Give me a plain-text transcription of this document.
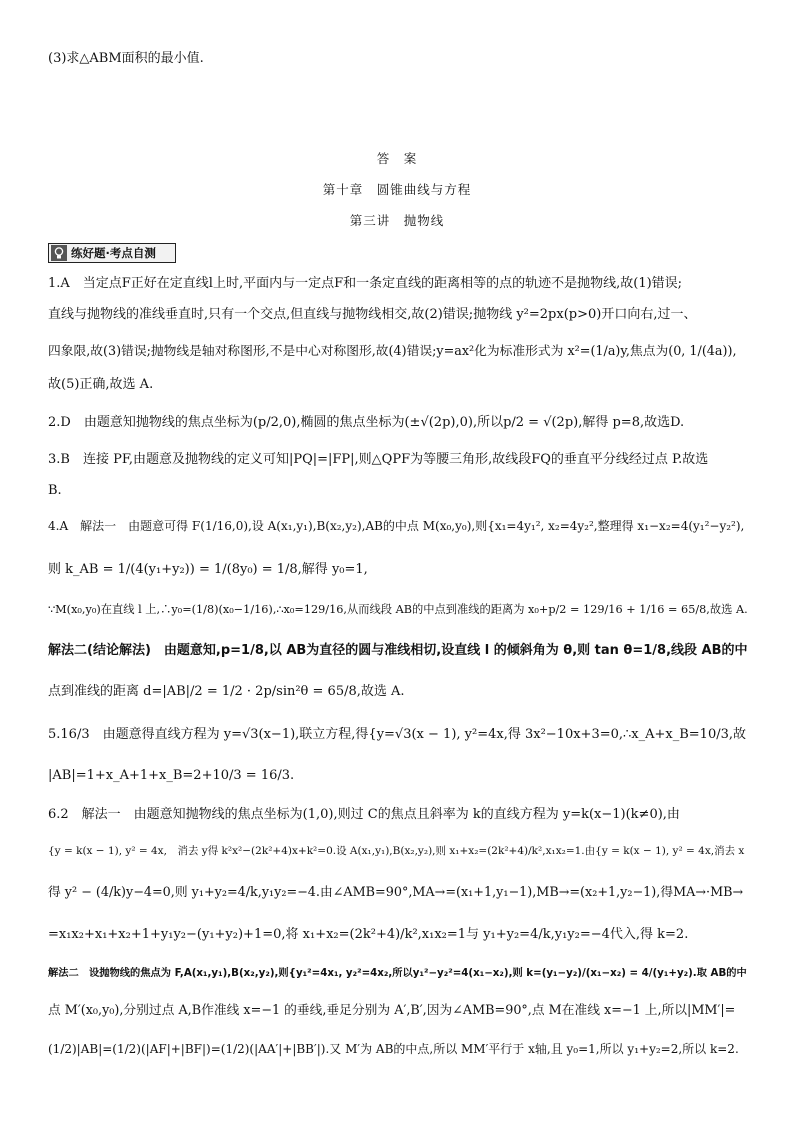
(3)求△ABM面积的最小值.
答　案
第十章　圆锥曲线与方程
第三讲　抛物线
练好题·考点自测
1.A　当定点F正好在定直线l上时,平面内与一定点F和一条定直线的距离相等的点的轨迹不是抛物线,故(1)错误;
直线与抛物线的准线垂直时,只有一个交点,但直线与抛物线相交,故(2)错误;抛物线 y²=2px(p>0)开口向右,过一、
四象限,故(3)错误;抛物线是轴对称图形,不是中心对称图形,故(4)错误;y=ax²化为标准形式为 x²=(1/a)y,焦点为(0, 1/(4a)),
故(5)正确,故选 A.
2.D　由题意知抛物线的焦点坐标为(p/2,0),椭圆的焦点坐标为(±√(2p),0),所以p/2 = √(2p),解得 p=8,故选D.
3.B　连接 PF,由题意及抛物线的定义可知|PQ|=|FP|,则△QPF为等腰三角形,故线段FQ的垂直平分线经过点 P.故选
B.
4.A　解法一　由题意可得 F(1/16,0),设 A(x₁,y₁),B(x₂,y₂),AB的中点 M(x₀,y₀),则{x₁=4y₁², x₂=4y₂²,整理得 x₁−x₂=4(y₁²−y₂²),
则 k_AB = 1/(4(y₁+y₂)) = 1/(8y₀) = 1/8,解得 y₀=1,
∵M(x₀,y₀)在直线 l 上,∴y₀=(1/8)(x₀−1/16),∴x₀=129/16,从而线段 AB的中点到准线的距离为 x₀+p/2 = 129/16 + 1/16 = 65/8,故选 A.
解法二(结论解法)　由题意知,p=1/8,以 AB为直径的圆与准线相切,设直线 l 的倾斜角为 θ,则 tan θ=1/8,线段 AB的中
点到准线的距离 d=|AB|/2 = 1/2 · 2p/sin²θ = 65/8,故选 A.
5.16/3　由题意得直线方程为 y=√3(x−1),联立方程,得{y=√3(x − 1), y²=4x,得 3x²−10x+3=0,∴x_A+x_B=10/3,故
|AB|=1+x_A+1+x_B=2+10/3 = 16/3.
6.2　解法一　由题意知抛物线的焦点坐标为(1,0),则过 C的焦点且斜率为 k的直线方程为 y=k(x−1)(k≠0),由
{y = k(x − 1), y² = 4x,　消去 y得 k²x²−(2k²+4)x+k²=0.设 A(x₁,y₁),B(x₂,y₂),则 x₁+x₂=(2k²+4)/k²,x₁x₂=1.由{y = k(x − 1), y² = 4x,消去 x
得 y² − (4/k)y−4=0,则 y₁+y₂=4/k,y₁y₂=−4.由∠AMB=90°,MA→=(x₁+1,y₁−1),MB→=(x₂+1,y₂−1),得MA→·MB→
=x₁x₂+x₁+x₂+1+y₁y₂−(y₁+y₂)+1=0,将 x₁+x₂=(2k²+4)/k²,x₁x₂=1与 y₁+y₂=4/k,y₁y₂=−4代入,得 k=2.
解法二　设抛物线的焦点为 F,A(x₁,y₁),B(x₂,y₂),则{y₁²=4x₁, y₂²=4x₂,所以y₁²−y₂²=4(x₁−x₂),则 k=(y₁−y₂)/(x₁−x₂) = 4/(y₁+y₂).取 AB的中
点 M′(x₀,y₀),分别过点 A,B作准线 x=−1 的垂线,垂足分别为 A′,B′,因为∠AMB=90°,点 M在准线 x=−1 上,所以|MM′|=
(1/2)|AB|=(1/2)(|AF|+|BF|)=(1/2)(|AA′|+|BB′|).又 M′为 AB的中点,所以 MM′平行于 x轴,且 y₀=1,所以 y₁+y₂=2,所以 k=2.
